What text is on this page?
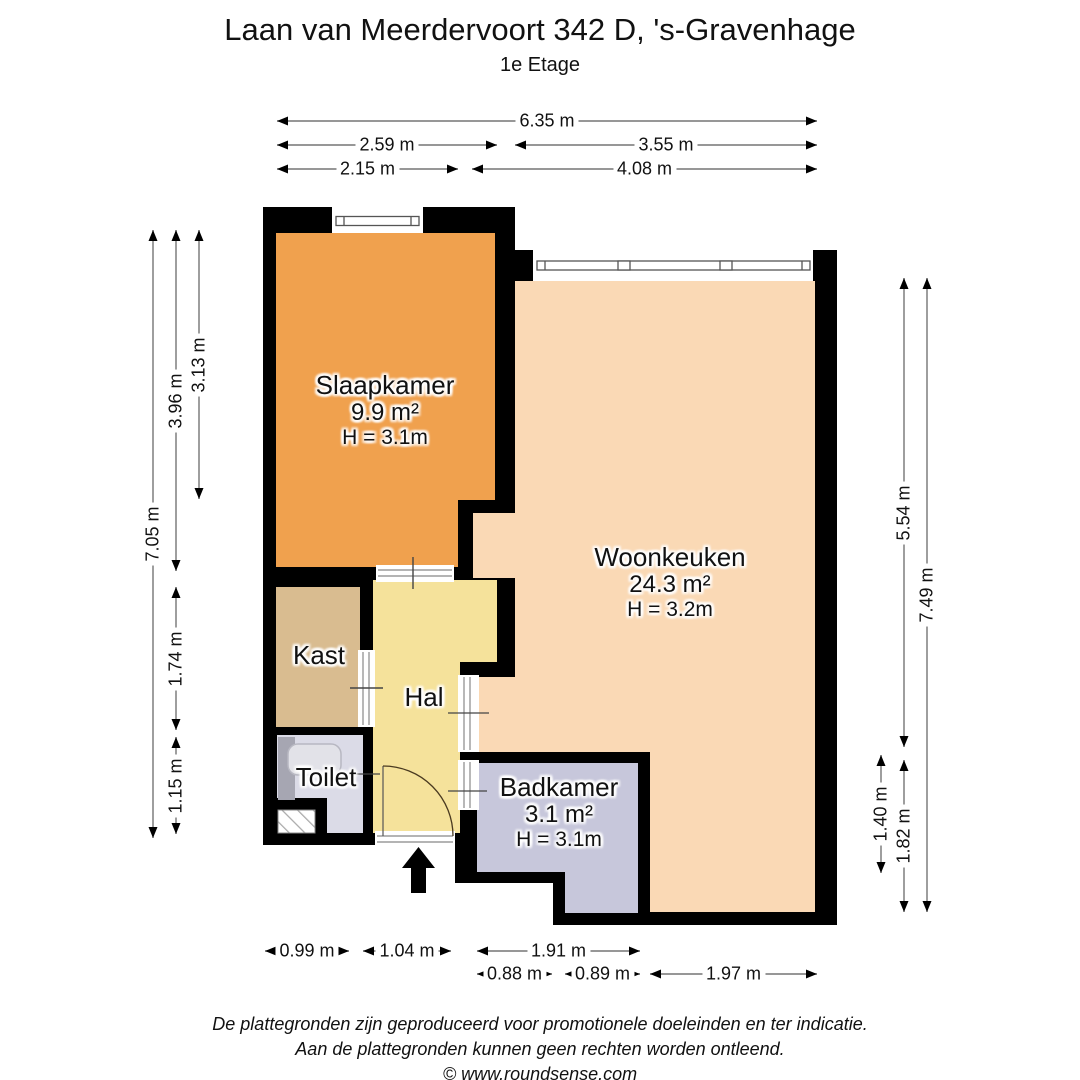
Laan van Meerdervoort 342 D, 's-Gravenhage
1e Etage
Slaapkamer
9.9 m²
H = 3.1m
Woonkeuken
24.3 m²
H = 3.2m
Kast
Hal
Toilet	Badkamer
3.1 m²
H = 3.1m
6.35 m
2.59 m	3.55 m
2.15 m	4.08 m
0.99 m 1.04 m	1.91 m
0.88 m 0.89 m	1.97 m
7.05 m
3.96 m
1.74 m
1.15 m
3.13 m
5.54 m
1.82 m
7.49 m
1.40 m
De plattegronden zijn geproduceerd voor promotionele doeleinden en ter indicatie.
Aan de plattegronden kunnen geen rechten worden ontleend.
© www.roundsense.com
